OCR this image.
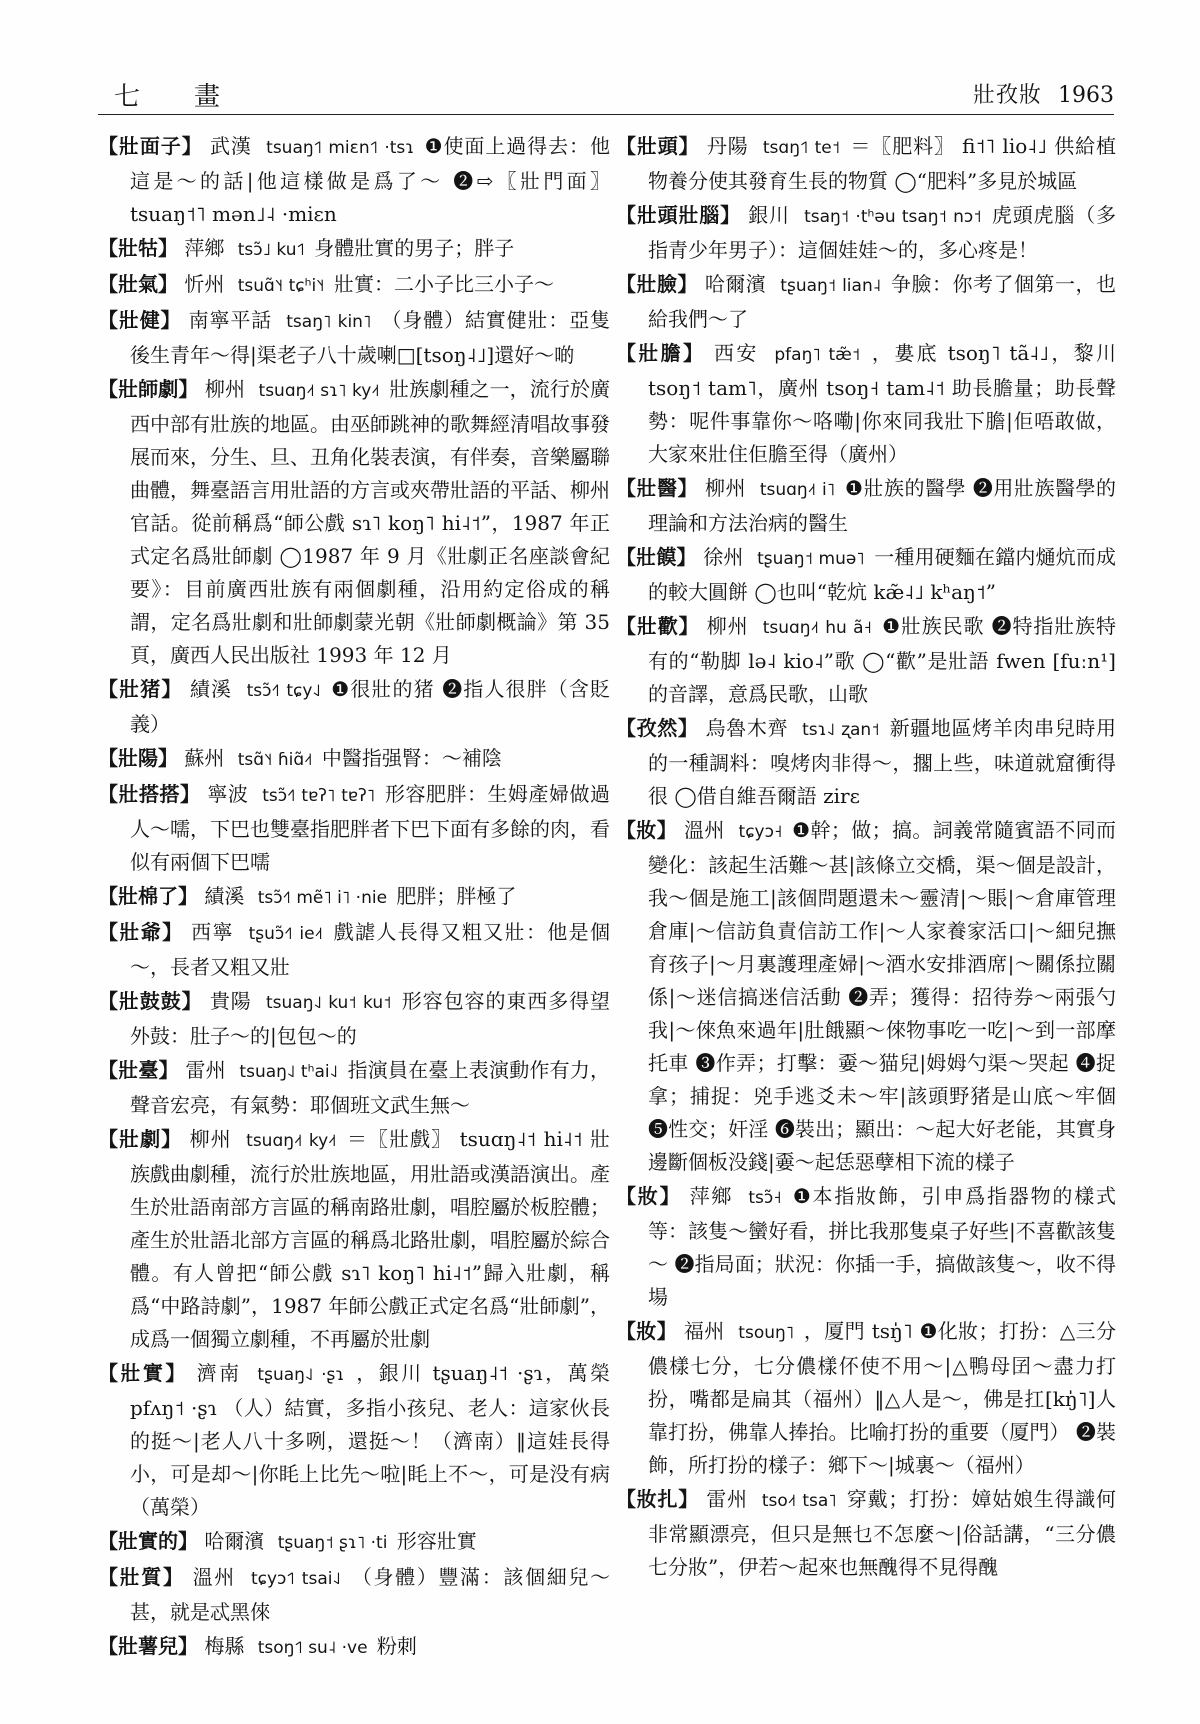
七　畫	壯孜妝 1963

【壯面子】 武漢 tsuaŋ˦˥ miɛn˦˥ ·tsɿ ❶使面上過得去：他這是～的話|他這樣做是爲了～ ❷⇨〖壯門面〗 tsuaŋ˦˥ mən˩˨ ·miɛn

【壯牯】 萍鄉 tsɔ̃˩ ku˦˥ 身體壯實的男子；胖子

【壯氣】 忻州 tsuɑ̃˥˧ tɕʰi˥˧ 壯實：二小子比三小子～

【壯健】 南寧平話 tsaŋ˥ kin˥ （身體）結實健壯：亞隻後生青年～得|渠老子八十歲喇□[tsoŋ˨˩]還好～啲

【壯師劇】 柳州 tsuɑŋ˨˦ sɿ˥ ky˨˦ 壯族劇種之一，流行於廣西中部有壯族的地區。由巫師跳神的歌舞經清唱故事發展而來，分生、旦、丑角化裝表演，有伴奏，音樂屬聯曲體，舞臺語言用壯語的方言或夾帶壯語的平話、柳州官話。從前稱爲“師公戲 sɿ˥ koŋ˥ hi˨˦”，1987 年正式定名爲壯師劇 ◯1987 年 9 月《壯劇正名座談會紀要》：目前廣西壯族有兩個劇種，沿用約定俗成的稱謂，定名爲壯劇和壯師劇蒙光朝《壯師劇概論》第 35 頁，廣西人民出版社 1993 年 12 月

【壯猪】 績溪 tsɔ̃˧˥ tɕy˨˩ ❶很壯的猪 ❷指人很胖（含貶義）

【壯陽】 蘇州 tsɑ̃˥˧ ɦiɑ̃˨˦ 中醫指强腎：～補陰

【壯搭搭】 寧波 tsɔ̃˧˥ tɐʔ˥ tɐʔ˥ 形容肥胖：生姆產婦做過人～嚅，下巴也雙臺指肥胖者下巴下面有多餘的肉，看似有兩個下巴嚅

【壯棉了】 績溪 tsɔ̃˧˥ mẽ˥ i˥ ·nie 肥胖；胖極了

【壯爺】 西寧 tʂuɔ̃˧˥ ie˨˦ 戲謔人長得又粗又壯：他是個～，長者又粗又壯

【壯鼓鼓】 貴陽 tsuaŋ˨˩ ku˦ ku˦ 形容包容的東西多得望外鼓：肚子～的|包包～的

【壯臺】 雷州 tsuaŋ˨˩ tʰai˨˩ 指演員在臺上表演動作有力，聲音宏亮，有氣勢：耶個班文武生無～

【壯劇】 柳州 tsuɑŋ˨˦ ky˨˦ ＝〖壯戲〗 tsuɑŋ˨˦ hi˨˦ 壯族戲曲劇種，流行於壯族地區，用壯語或漢語演出。產生於壯語南部方言區的稱南路壯劇，唱腔屬於板腔體；產生於壯語北部方言區的稱爲北路壯劇，唱腔屬於綜合體。有人曾把“師公戲 sɿ˥ koŋ˥ hi˨˦”歸入壯劇，稱爲“中路詩劇”，1987 年師公戲正式定名爲“壯師劇”，成爲一個獨立劇種，不再屬於壯劇

【壯實】 濟南 tʂuaŋ˨˩ ·ʂɿ ，銀川 tʂuaŋ˨˦ ·ʂɿ，萬榮 pfʌŋ˦ ·ʂɿ （人）結實，多指小孩兒、老人：這家伙長的挺～|老人八十多咧，還挺～！（濟南）‖這娃長得小，可是却～|你眊上比先～啦|眊上不～，可是没有病（萬榮）

【壯實的】 哈爾濱 tʂuaŋ˦ ʂɿ˥ ·ti 形容壯實

【壯質】 溫州 tɕyɔ˦˥ tsai˨˩ （身體）豐滿：該個細兒～甚，就是忒黑倈

【壯薯兒】 梅縣 tsoŋ˦˥ su˨ ·ve 粉刺

【壯頭】 丹陽 tsɑŋ˦˥ te˦ ＝〖肥料〗 fi˦˥ lio˨˩ 供給植物養分使其發育生長的物質 ◯“肥料”多見於城區

【壯頭壯腦】 銀川 tsaŋ˦ ·tʰəu tsaŋ˦ nɔ˦ 虎頭虎腦（多指青少年男子）：這個娃娃～的，多心疼是！

【壯臉】 哈爾濱 tʂuaŋ˦ lian˨ 争臉：你考了個第一，也給我們～了

【壯膽】 西安 pfaŋ˥ tæ̃˦ ，婁底 tsoŋ˥ tã˨˩，黎川 tsoŋ˦ tam˥，廣州 tsoŋ˧ tam˨˦ 助長膽量；助長聲勢：呢件事靠你～咯嘞|你來同我壯下膽|佢唔敢做，大家來壯住佢膽至得（廣州）

【壯醫】 柳州 tsuɑŋ˨˦ i˥ ❶壯族的醫學 ❷用壯族醫學的理論和方法治病的醫生

【壯饃】 徐州 tʂuaŋ˦ muə˥ 一種用硬麵在鐺内熥炕而成的較大圓餅 ◯也叫“乾炕 kæ̃˨˩ kʰaŋ˦”

【壯歡】 柳州 tsuɑŋ˨˦ hu ã˧ ❶壯族民歌 ❷特指壯族特有的“勒脚 lə˨ kio˨”歌 ◯“歡”是壯語 fwen [fuːn¹]的音譯，意爲民歌，山歌

【孜然】 烏魯木齊 tsɿ˨˩ ʐan˦ 新疆地區烤羊肉串兒時用的一種調料：嗅烤肉非得～，擱上些，味道就窟衝得很 ◯借自維吾爾語 zirɛ

【妝】 溫州 tɕyɔ˧ ❶幹；做；搞。詞義常隨賓語不同而變化：該起生活難～甚|該條立交橋，渠～個是設計，我～個是施工|該個問題還未～靈清|～賬|～倉庫管理倉庫|～信訪負責信訪工作|～人家養家活口|～細兒撫育孩子|～月裏護理產婦|～酒水安排酒席|～關係拉關係|～迷信搞迷信活動 ❷弄；獲得：招待券～兩張勺我|～倈魚來過年|肚餓顯～倈物事吃一吃|～到一部摩托車 ❸作弄；打擊：嫑～猫兒|姆姆勺渠～哭起 ❹捉拿；捕捉：兇手逃爻未～牢|該頭野猪是山底～牢個 ❺性交；奸淫 ❻裝出；顯出：～起大好老能，其實身邊斷個板没錢|嫑～起恁惡孽相下流的樣子

【妝】 萍鄉 tsɔ̃˧ ❶本指妝飾，引申爲指器物的樣式等：該隻～蠻好看，拼比我那隻桌子好些|不喜歡該隻～ ❷指局面；狀況：你插一手，搞做該隻～，收不得場

【妝】 福州 tsouŋ˥ ，厦門 tsŋ̍˥ ❶化妝；打扮：△三分儂樣七分，七分儂樣伓使不用～|△鴨母囝～盡力打扮，嘴都是扁其（福州）‖△人是～，佛是扛[kŋ̍˥]人靠打扮，佛靠人捧抬。比喻打扮的重要（厦門） ❷裝飾，所打扮的樣子：鄉下～|城裏～（福州）

【妝扎】 雷州 tso˨˦ tsa˥ 穿戴；打扮：嫜姑娘生得識何非常顯漂亮，但只是無乜不怎麼～|俗話講，“三分儂七分妝”，伊若～起來也無醜得不見得醜
